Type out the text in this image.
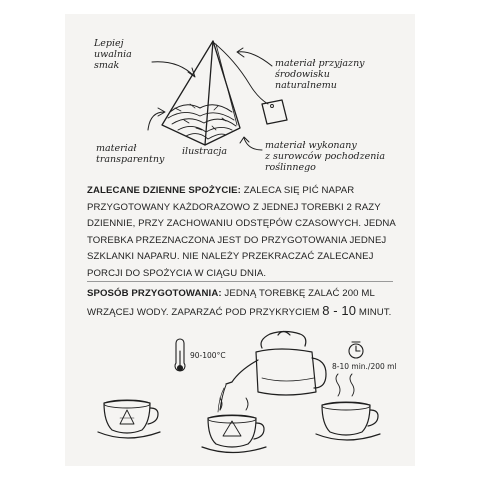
Lepiej
uwalnia
smak	materiał przyjazny
środowisku
naturalnemu
materiał
transparentny
ilustracja
materiał wykonany
z surowców pochodzenia
roślinnego
ZALECANE DZIENNE SPOŻYCIE: ZALECA SIĘ PIĆ NAPAR
PRZYGOTOWANY KAŻDORAZOWO Z JEDNEJ TOREBKI 2 RAZY
DZIENNIE, PRZY ZACHOWANIU ODSTĘPÓW CZASOWYCH. JEDNA
TOREBKA PRZEZNACZONA JEST DO PRZYGOTOWANIA JEDNEJ
SZKLANKI NAPARU. NIE NALEŻY PRZEKRACZAĆ ZALECANEJ
PORCJI DO SPOŻYCIA W CIĄGU DNIA.
SPOSÓB PRZYGOTOWANIA: JEDNĄ TOREBKĘ ZALAĆ 200 ML
WRZĄCEJ WODY. ZAPARZAĆ POD PRZYKRYCIEM 8 - 10 MINUT.
90-100°C
8-10 min./200 ml
